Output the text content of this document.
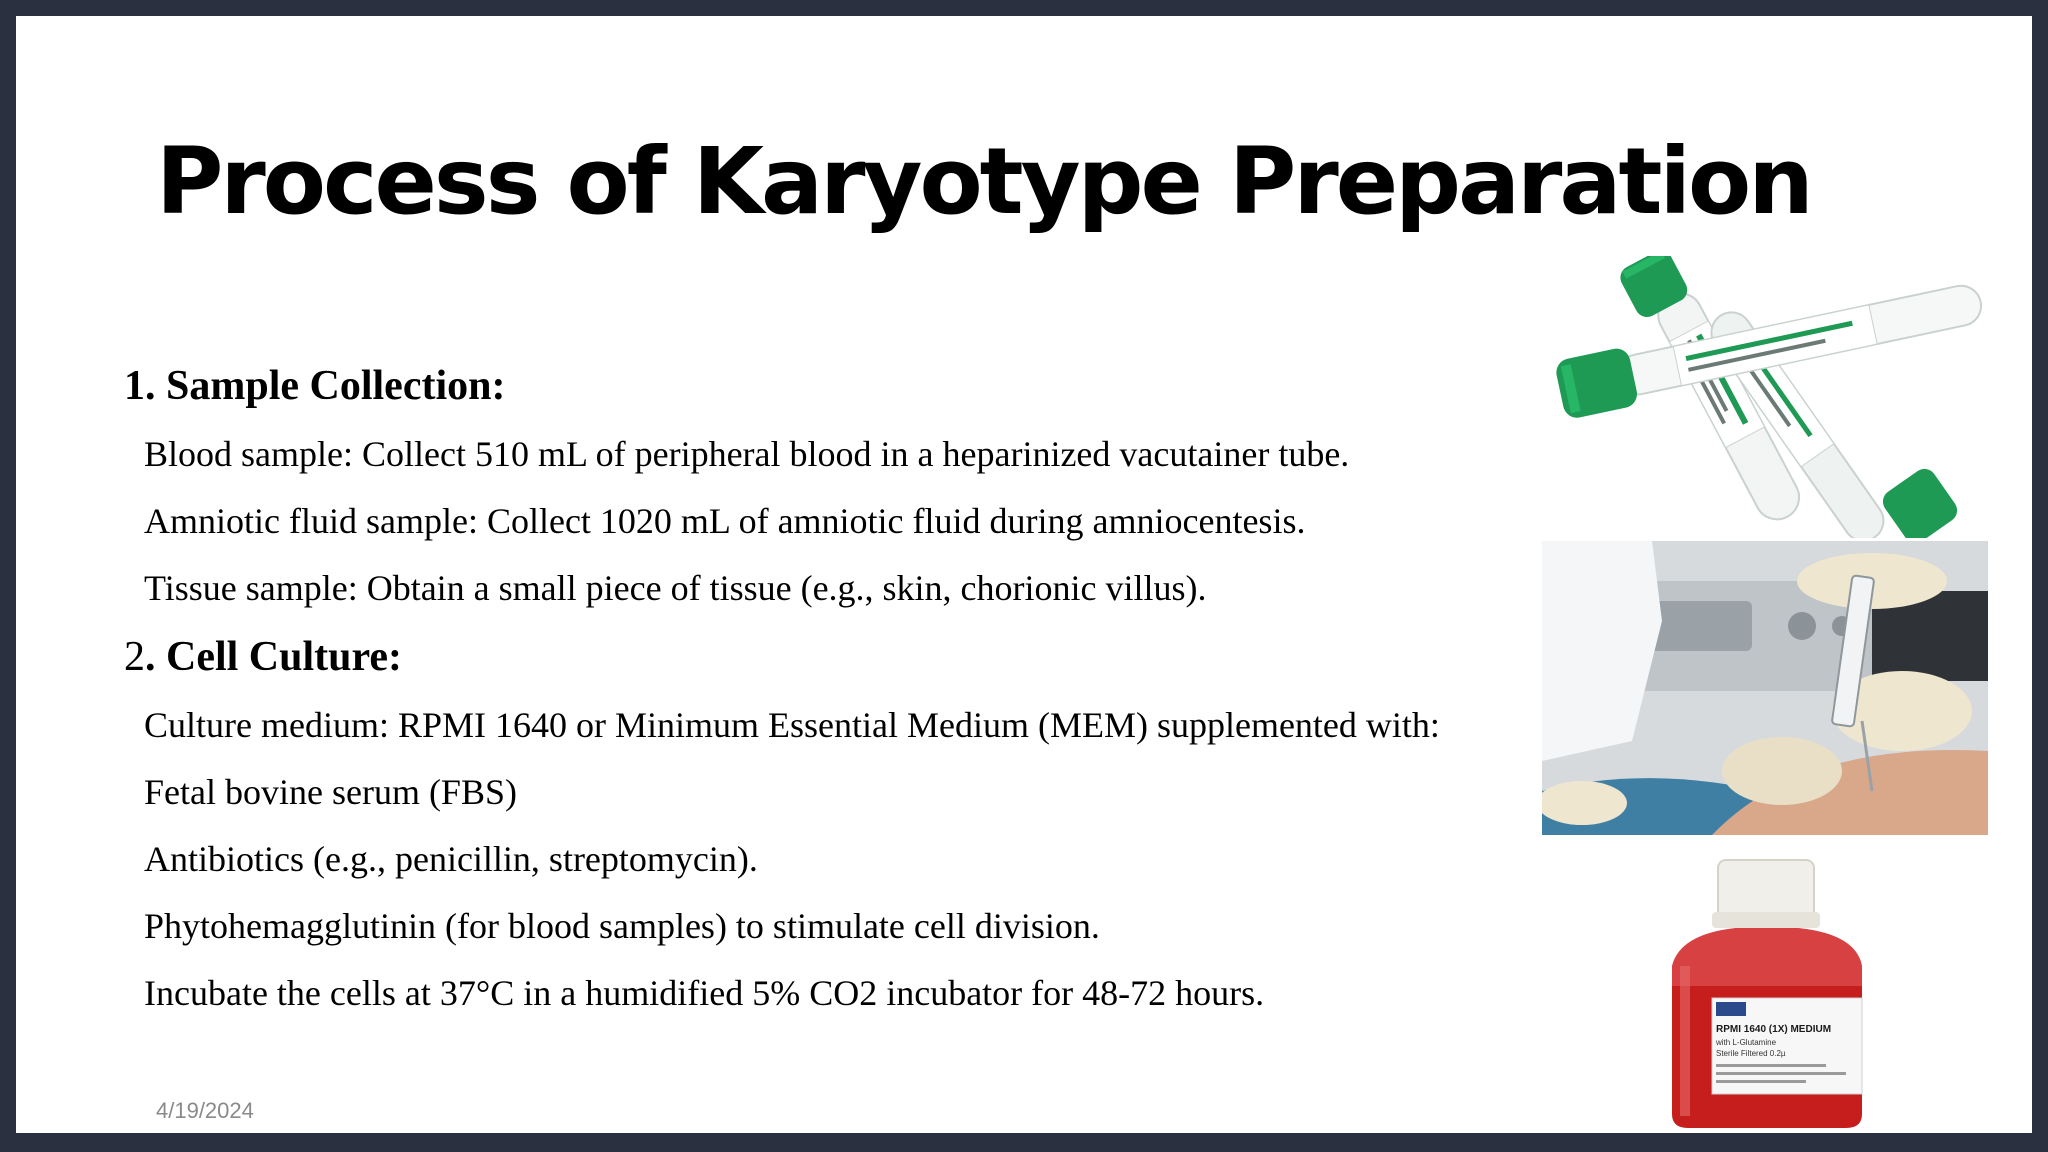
Process of Karyotype Preparation
1. Sample Collection:
Blood sample: Collect 510 mL of peripheral blood in a heparinized vacutainer tube.
Amniotic fluid sample: Collect 1020 mL of amniotic fluid during amniocentesis.
Tissue sample: Obtain a small piece of tissue (e.g., skin, chorionic villus).
2. Cell Culture:
Culture medium: RPMI 1640 or Minimum Essential Medium (MEM) supplemented with:
Fetal bovine serum (FBS)
Antibiotics (e.g., penicillin, streptomycin).
Phytohemagglutinin (for blood samples) to stimulate cell division.
Incubate the cells at 37°C in a humidified 5% CO2 incubator for 48-72 hours.
RPMI 1640 (1X) MEDIUM
with L-Glutamine
Sterile Filtered 0.2µ
4/19/2024
